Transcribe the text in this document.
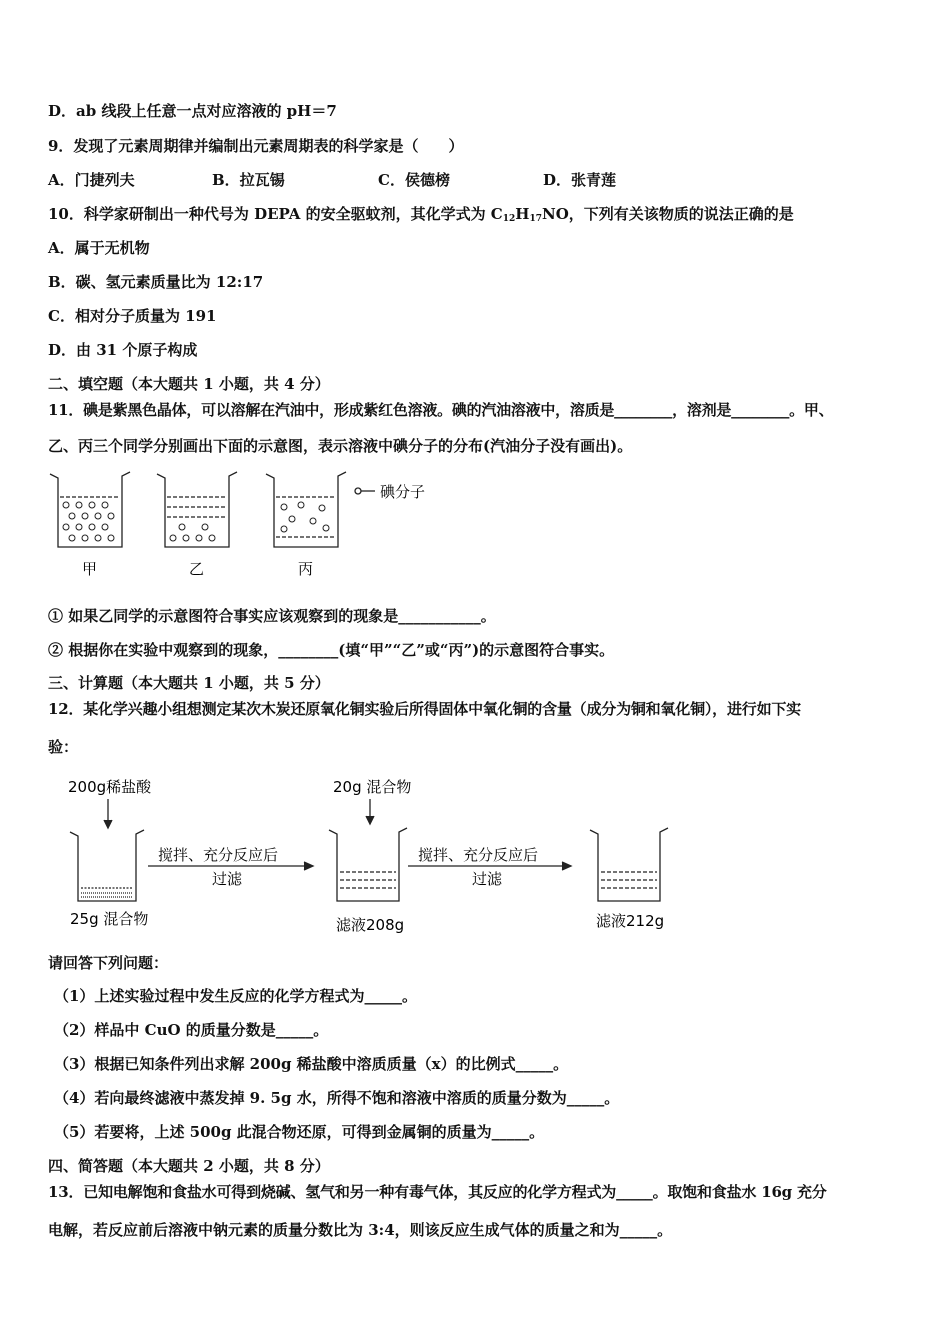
D．ab 线段上任意一点对应溶液的 pH＝7
9．发现了元素周期律并编制出元素周期表的科学家是（　　）
A．门捷列夫	B．拉瓦锡	C．侯德榜	D．张青莲
10．科学家研制出一种代号为 DEPA 的安全驱蚊剂，其化学式为 $C_{12}H_{17}NO$，下列有关该物质的说法正确的是
A．属于无机物
B．碳、氢元素质量比为 12:17
C．相对分子质量为 191
D．由 31 个原子构成
二、填空题（本大题共 1 小题，共 4 分）
11．碘是紫黑色晶体，可以溶解在汽油中，形成紫红色溶液。碘的汽油溶液中，溶质是________，溶剂是________。甲、
乙、丙三个同学分别画出下面的示意图，表示溶液中碘分子的分布(汽油分子没有画出)。
碘分子
甲	乙	丙
① 如果乙同学的示意图符合事实应该观察到的现象是___________。
② 根据你在实验中观察到的现象，________(填“甲”“乙”或“丙”)的示意图符合事实。
三、计算题（本大题共 1 小题，共 5 分）
12．某化学兴趣小组想测定某次木炭还原氧化铜实验后所得固体中氧化铜的含量（成分为铜和氧化铜），进行如下实
验：
200g稀盐酸	20g 混合物
搅拌、充分反应后
过滤
搅拌、充分反应后
过滤
25g 混合物	滤液208g	滤液212g
请回答下列问题：
（1）上述实验过程中发生反应的化学方程式为_____。
（2）样品中 CuO 的质量分数是_____。
（3）根据已知条件列出求解 200g 稀盐酸中溶质质量（x）的比例式_____。
（4）若向最终滤液中蒸发掉 9. 5g 水，所得不饱和溶液中溶质的质量分数为_____。
（5）若要将，上述 500g 此混合物还原，可得到金属铜的质量为_____。
四、简答题（本大题共 2 小题，共 8 分）
13．已知电解饱和食盐水可得到烧碱、氢气和另一种有毒气体，其反应的化学方程式为_____。取饱和食盐水 16g 充分
电解，若反应前后溶液中钠元素的质量分数比为 3:4，则该反应生成气体的质量之和为_____。
